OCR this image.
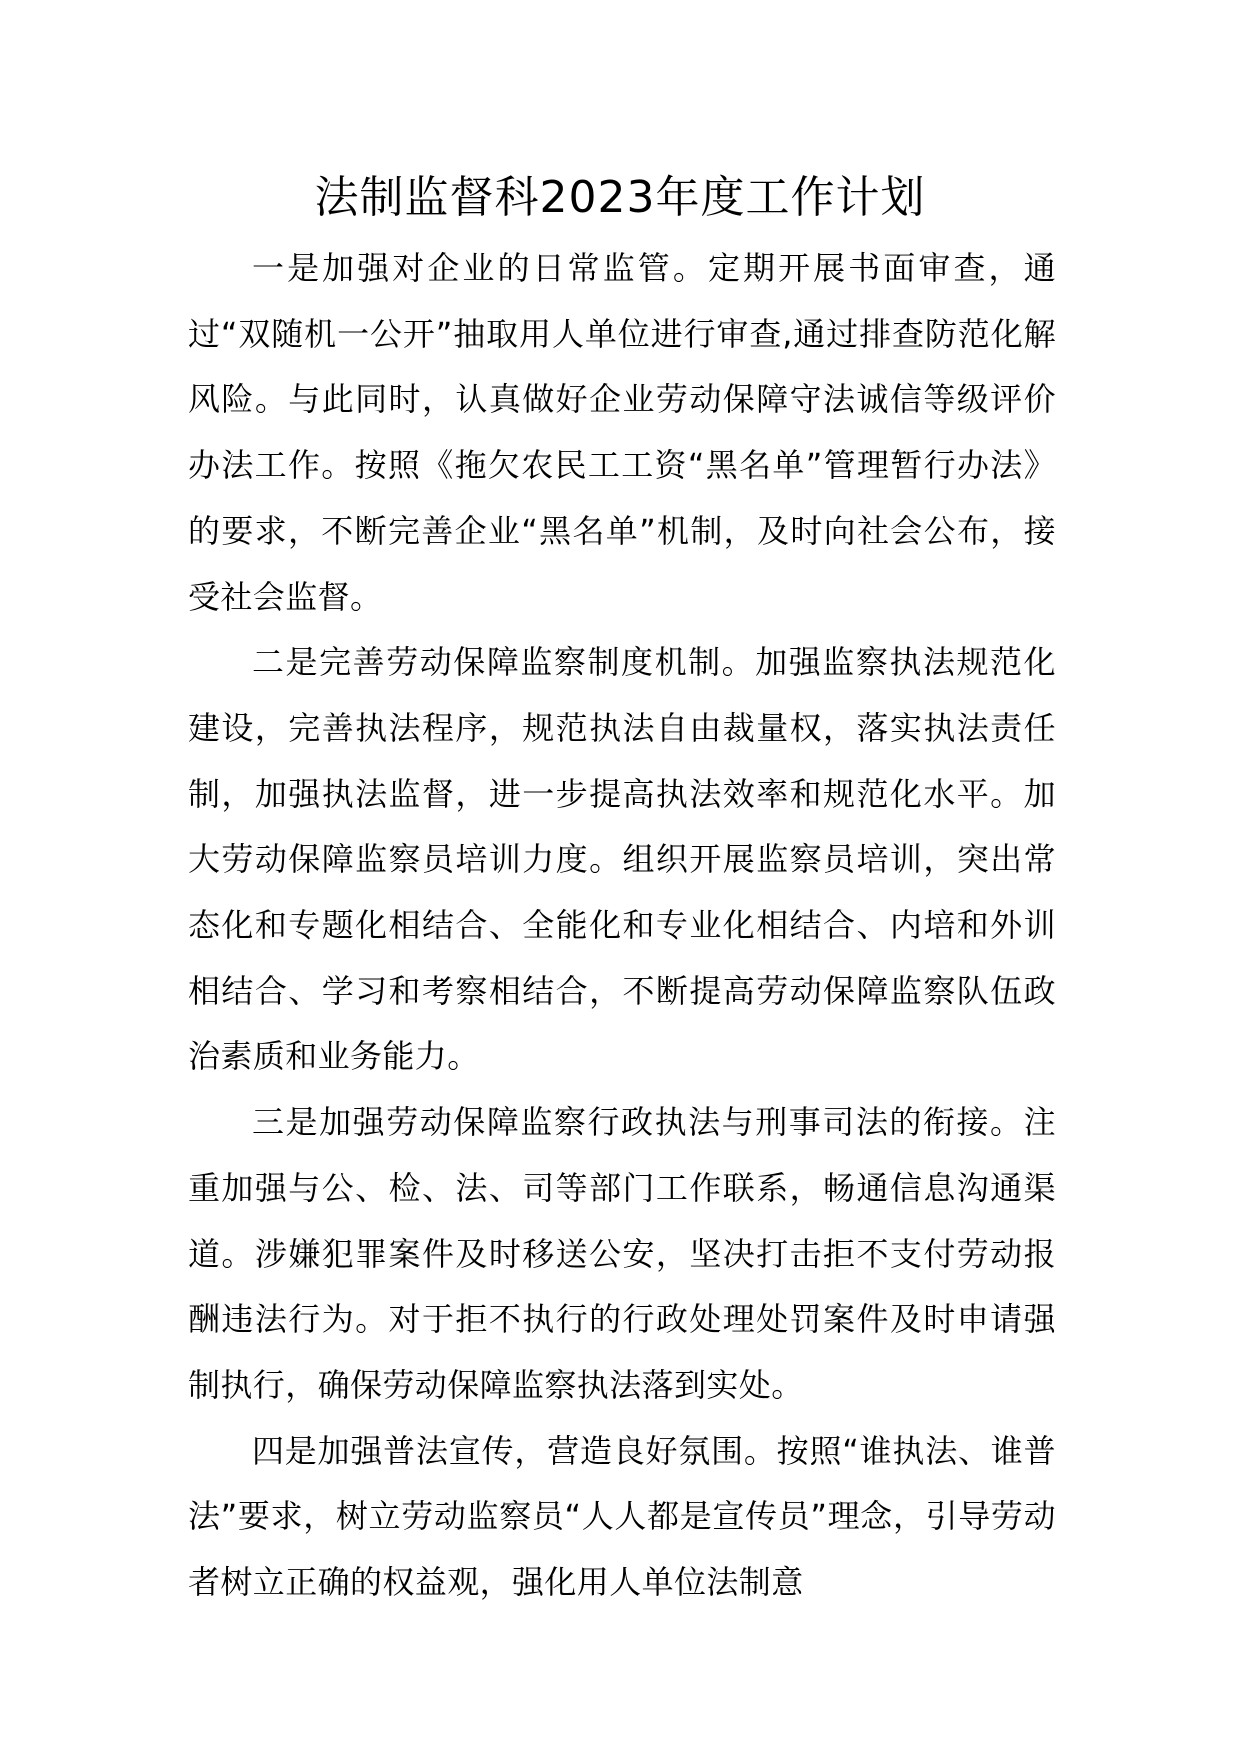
法制监督科2023年度工作计划

一是加强对企业的日常监管。定期开展书面审查，通过“双随机一公开”抽取用人单位进行审查,通过排查防范化解风险。与此同时，认真做好企业劳动保障守法诚信等级评价办法工作。按照《拖欠农民工工资“黑名单”管理暂行办法》的要求，不断完善企业“黑名单”机制，及时向社会公布，接受社会监督。

二是完善劳动保障监察制度机制。加强监察执法规范化建设，完善执法程序，规范执法自由裁量权，落实执法责任制，加强执法监督，进一步提高执法效率和规范化水平。加大劳动保障监察员培训力度。组织开展监察员培训，突出常态化和专题化相结合、全能化和专业化相结合、内培和外训相结合、学习和考察相结合，不断提高劳动保障监察队伍政治素质和业务能力。

三是加强劳动保障监察行政执法与刑事司法的衔接。注重加强与公、检、法、司等部门工作联系，畅通信息沟通渠道。涉嫌犯罪案件及时移送公安，坚决打击拒不支付劳动报酬违法行为。对于拒不执行的行政处理处罚案件及时申请强制执行，确保劳动保障监察执法落到实处。

四是加强普法宣传，营造良好氛围。按照“谁执法、谁普法”要求，树立劳动监察员“人人都是宣传员”理念，引导劳动者树立正确的权益观，强化用人单位法制意
